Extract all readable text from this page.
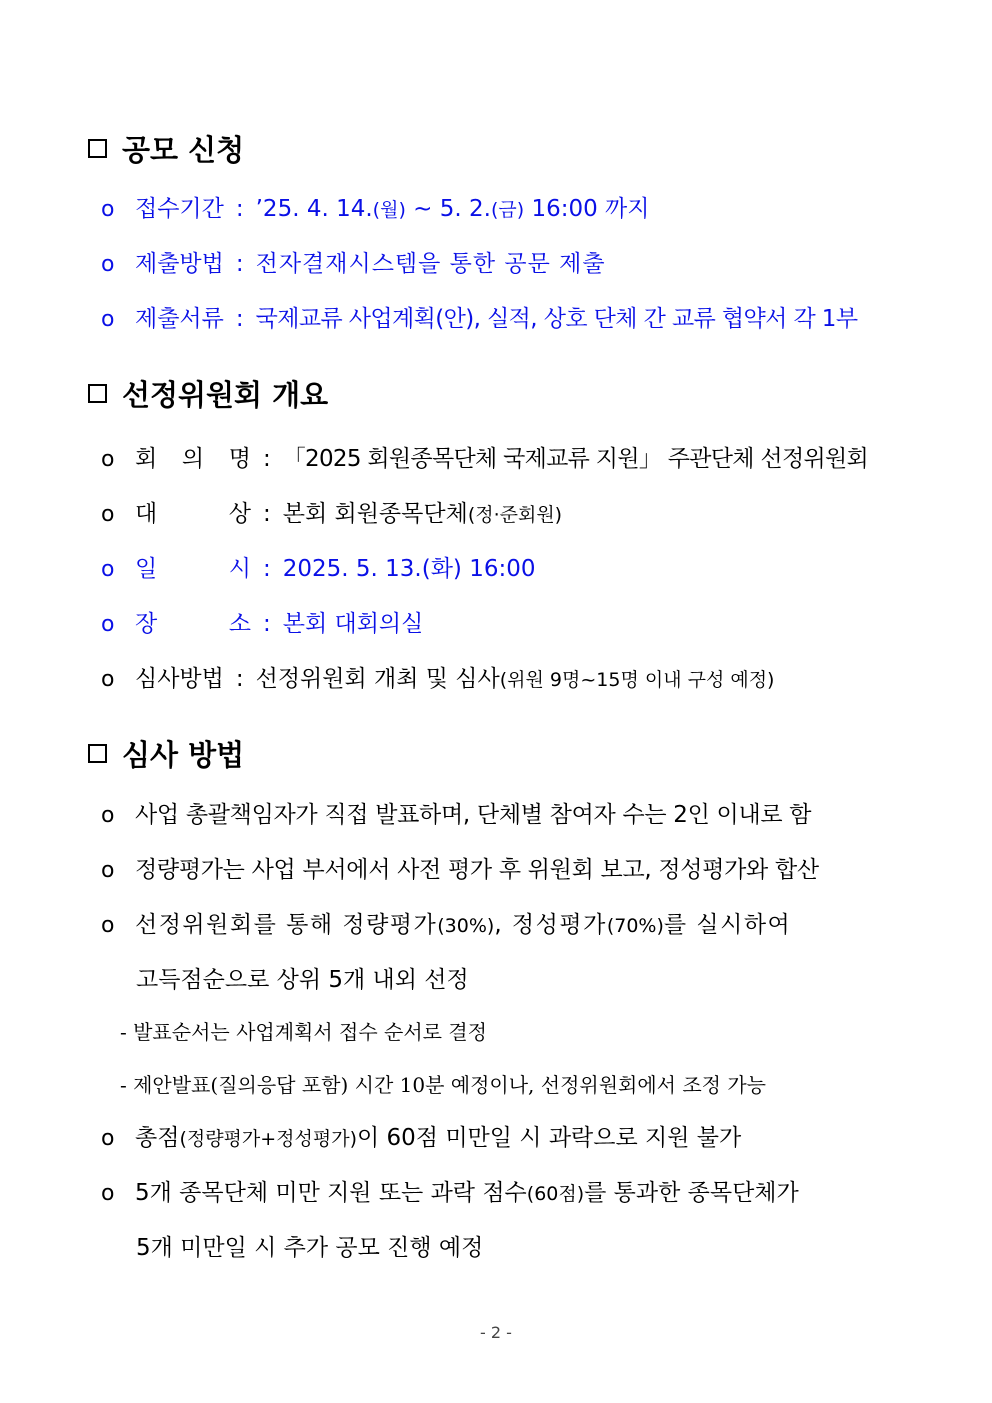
공모 신청
o 접수기간 : ’25. 4. 14. (월) ~ 5. 2. (금) 16:00 까지
o 제출방법 : 전자결재시스템을 통한 공문 제출
o 제출서류 : 국제교류 사업계획(안), 실적, 상호 단체 간 교류 협약서 각 1부
선정위원회 개요
o 회 의 명 : 「2025 회원종목단체 국제교류 지원」 주관단체 선정위원회
o 대	상 : 본회 회원종목단체 (정·준회원)
o 일	시 : 2025. 5. 13.(화) 16:00
o 장	소 : 본회 대회의실
o 심사방법 : 선정위원회 개최 및 심사 (위원 9명~15명 이내 구성 예정)
심사 방법
o 사업 총괄책임자가 직접 발표하며, 단체별 참여자 수는 2인 이내로 함
o 정량평가는 사업 부서에서 사전 평가 후 위원회 보고, 정성평가와 합산
o 선정위원회를 통해 정량평가 (30%) , 정성평가 (70%) 를 실시하여
고득점순으로 상위 5개 내외 선정
- 발표순서는 사업계획서 접수 순서로 결정
- 제안발표(질의응답 포함) 시간 10분 예정이나, 선정위원회에서 조정 가능
o 총점 (정량평가+정성평가) 이 60점 미만일 시 과락으로 지원 불가
o 5개 종목단체 미만 지원 또는 과락 점수 (60점) 를 통과한 종목단체가
5개 미만일 시 추가 공모 진행 예정
- 2 -
